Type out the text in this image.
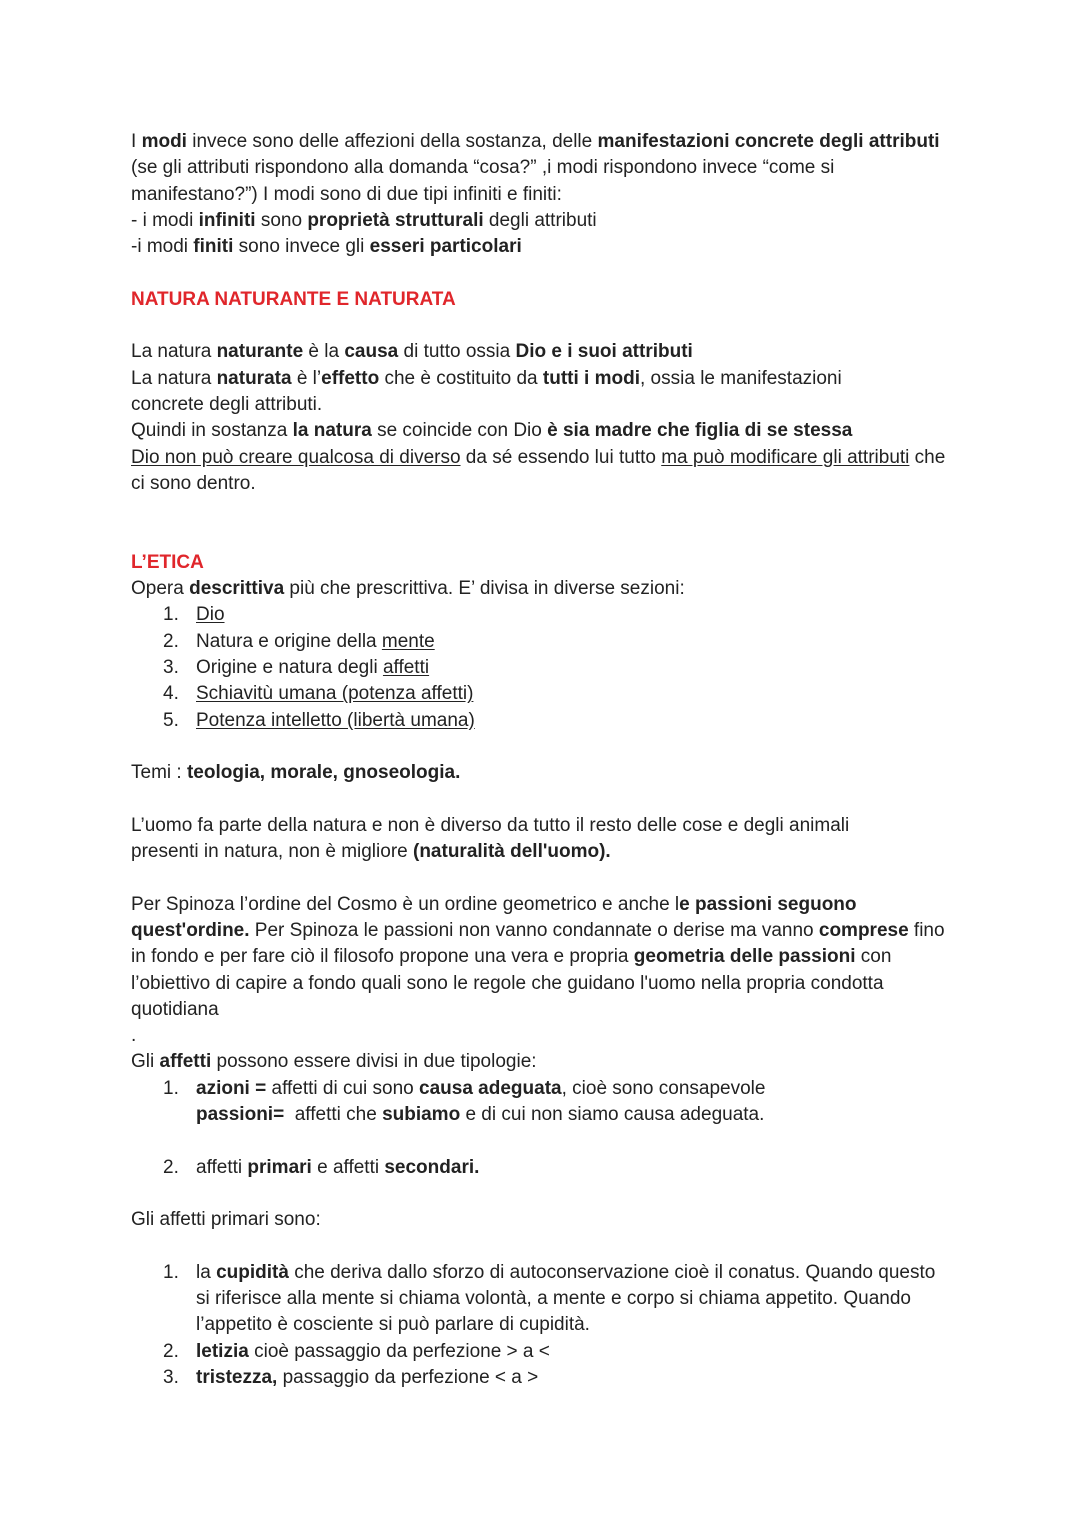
I modi invece sono delle affezioni della sostanza, delle manifestazioni concrete degli attributi (se gli attributi rispondono alla domanda “cosa?” ,i modi rispondono invece “come si manifestano?”) I modi sono di due tipi infiniti e finiti:

- i modi infiniti sono proprietà strutturali degli attributi

-i modi finiti sono invece gli esseri particolari

NATURA NATURANTE E NATURATA

La natura naturante è la causa di tutto ossia Dio e i suoi attributi

La natura naturata è l’effetto che è costituito da tutti i modi, ossia le manifestazioni concrete degli attributi.

Quindi in sostanza la natura se coincide con Dio è sia madre che figlia di se stessa

Dio non può creare qualcosa di diverso da sé essendo lui tutto ma può modificare gli attributi che ci sono dentro.

L’ETICA

Opera descrittiva più che prescrittiva. E’ divisa in diverse sezioni:

1. Dio
2. Natura e origine della mente
3. Origine e natura degli affetti
4. Schiavitù umana (potenza affetti)
5. Potenza intelletto (libertà umana)

Temi : teologia, morale, gnoseologia.

L’uomo fa parte della natura e non è diverso da tutto il resto delle cose e degli animali presenti in natura, non è migliore (naturalità dell'uomo).

Per Spinoza l’ordine del Cosmo è un ordine geometrico e anche le passioni seguono quest'ordine. Per Spinoza le passioni non vanno condannate o derise ma vanno comprese fino in fondo e per fare ciò il filosofo propone una vera e propria geometria delle passioni con l’obiettivo di capire a fondo quali sono le regole che guidano l'uomo nella propria condotta quotidiana

.

Gli affetti possono essere divisi in due tipologie:

1. azioni = affetti di cui sono causa adeguata, cioè sono consapevole
passioni=  affetti che subiamo e di cui non siamo causa adeguata.
2. affetti primari e affetti secondari.

Gli affetti primari sono:

1. la cupidità che deriva dallo sforzo di autoconservazione cioè il conatus. Quando questo si riferisce alla mente si chiama volontà, a mente e corpo si chiama appetito. Quando l’appetito è cosciente si può parlare di cupidità.
2. letizia cioè passaggio da perfezione > a <
3. tristezza, passaggio da perfezione < a >
